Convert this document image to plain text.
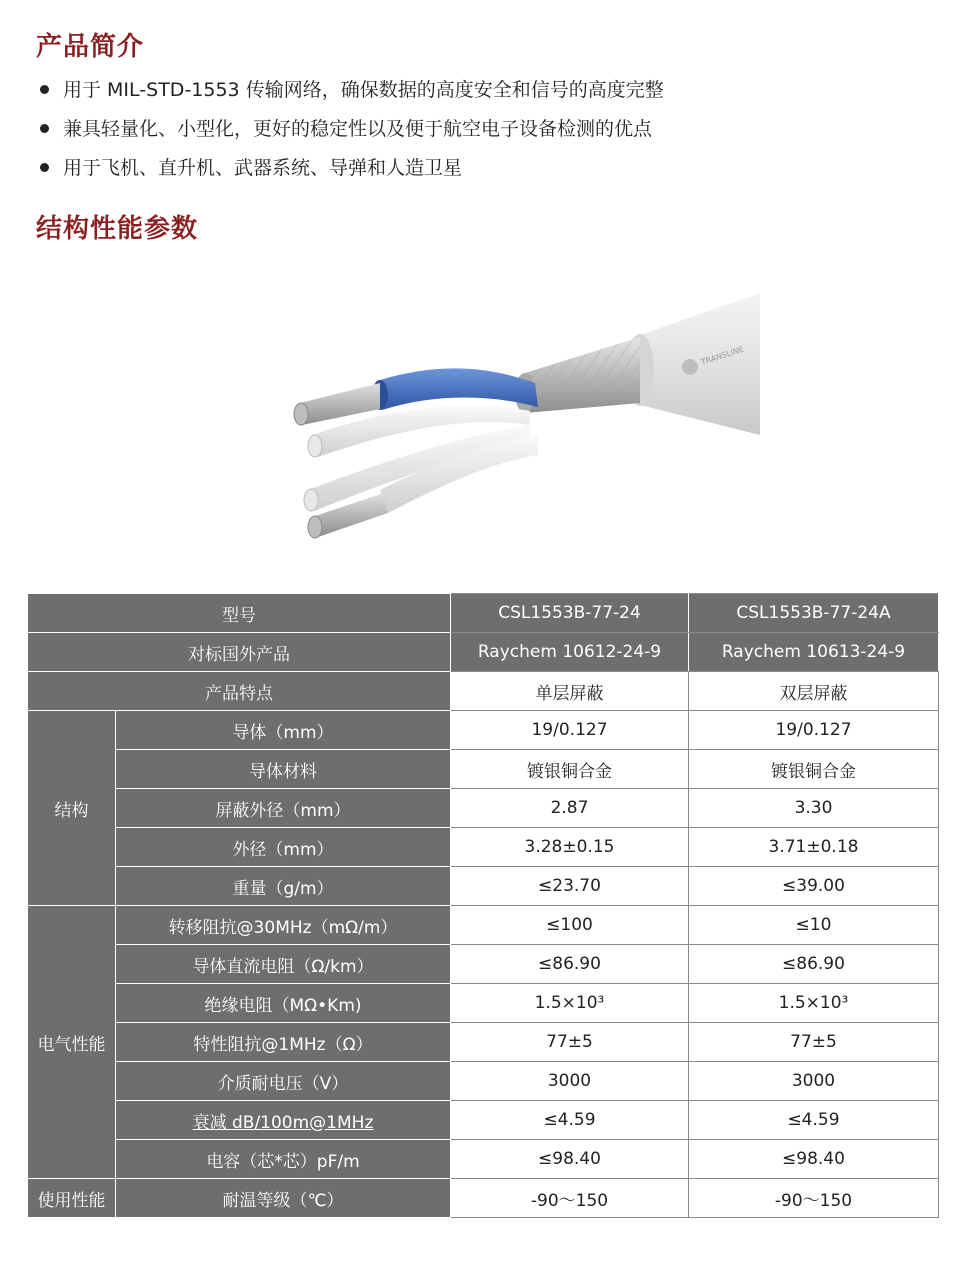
产品简介
用于 MIL-STD-1553 传输网络，确保数据的高度安全和信号的高度完整
兼具轻量化、小型化，更好的稳定性以及便于航空电子设备检测的优点
用于飞机、直升机、武器系统、导弹和人造卫星
结构性能参数
TRANSLINE
型号		CSL1553B-77-24	CSL1553B-77-24A
对标国外产品		Raychem 10612-24-9	Raychem 10613-24-9
产品特点		单层屏蔽	双层屏蔽
结构	导体（mm）	19/0.127	19/0.127
	导体材料	镀银铜合金	镀银铜合金
	屏蔽外径（mm）	2.87	3.30
	外径（mm）	3.28±0.15	3.71±0.18
	重量（g/m）	≤23.70	≤39.00
电气性能	转移阻抗@30MHz（mΩ/m）	≤100	≤10
	导体直流电阻（Ω/km）	≤86.90	≤86.90
	绝缘电阻（MΩ•Km)	1.5×10³	1.5×10³
	特性阻抗@1MHz（Ω）	77±5	77±5
	介质耐电压（V）	3000	3000
	衰减 dB/100m@1MHz	≤4.59	≤4.59
	电容（芯*芯）pF/m	≤98.40	≤98.40
使用性能	耐温等级（℃）	-90～150	-90～150
